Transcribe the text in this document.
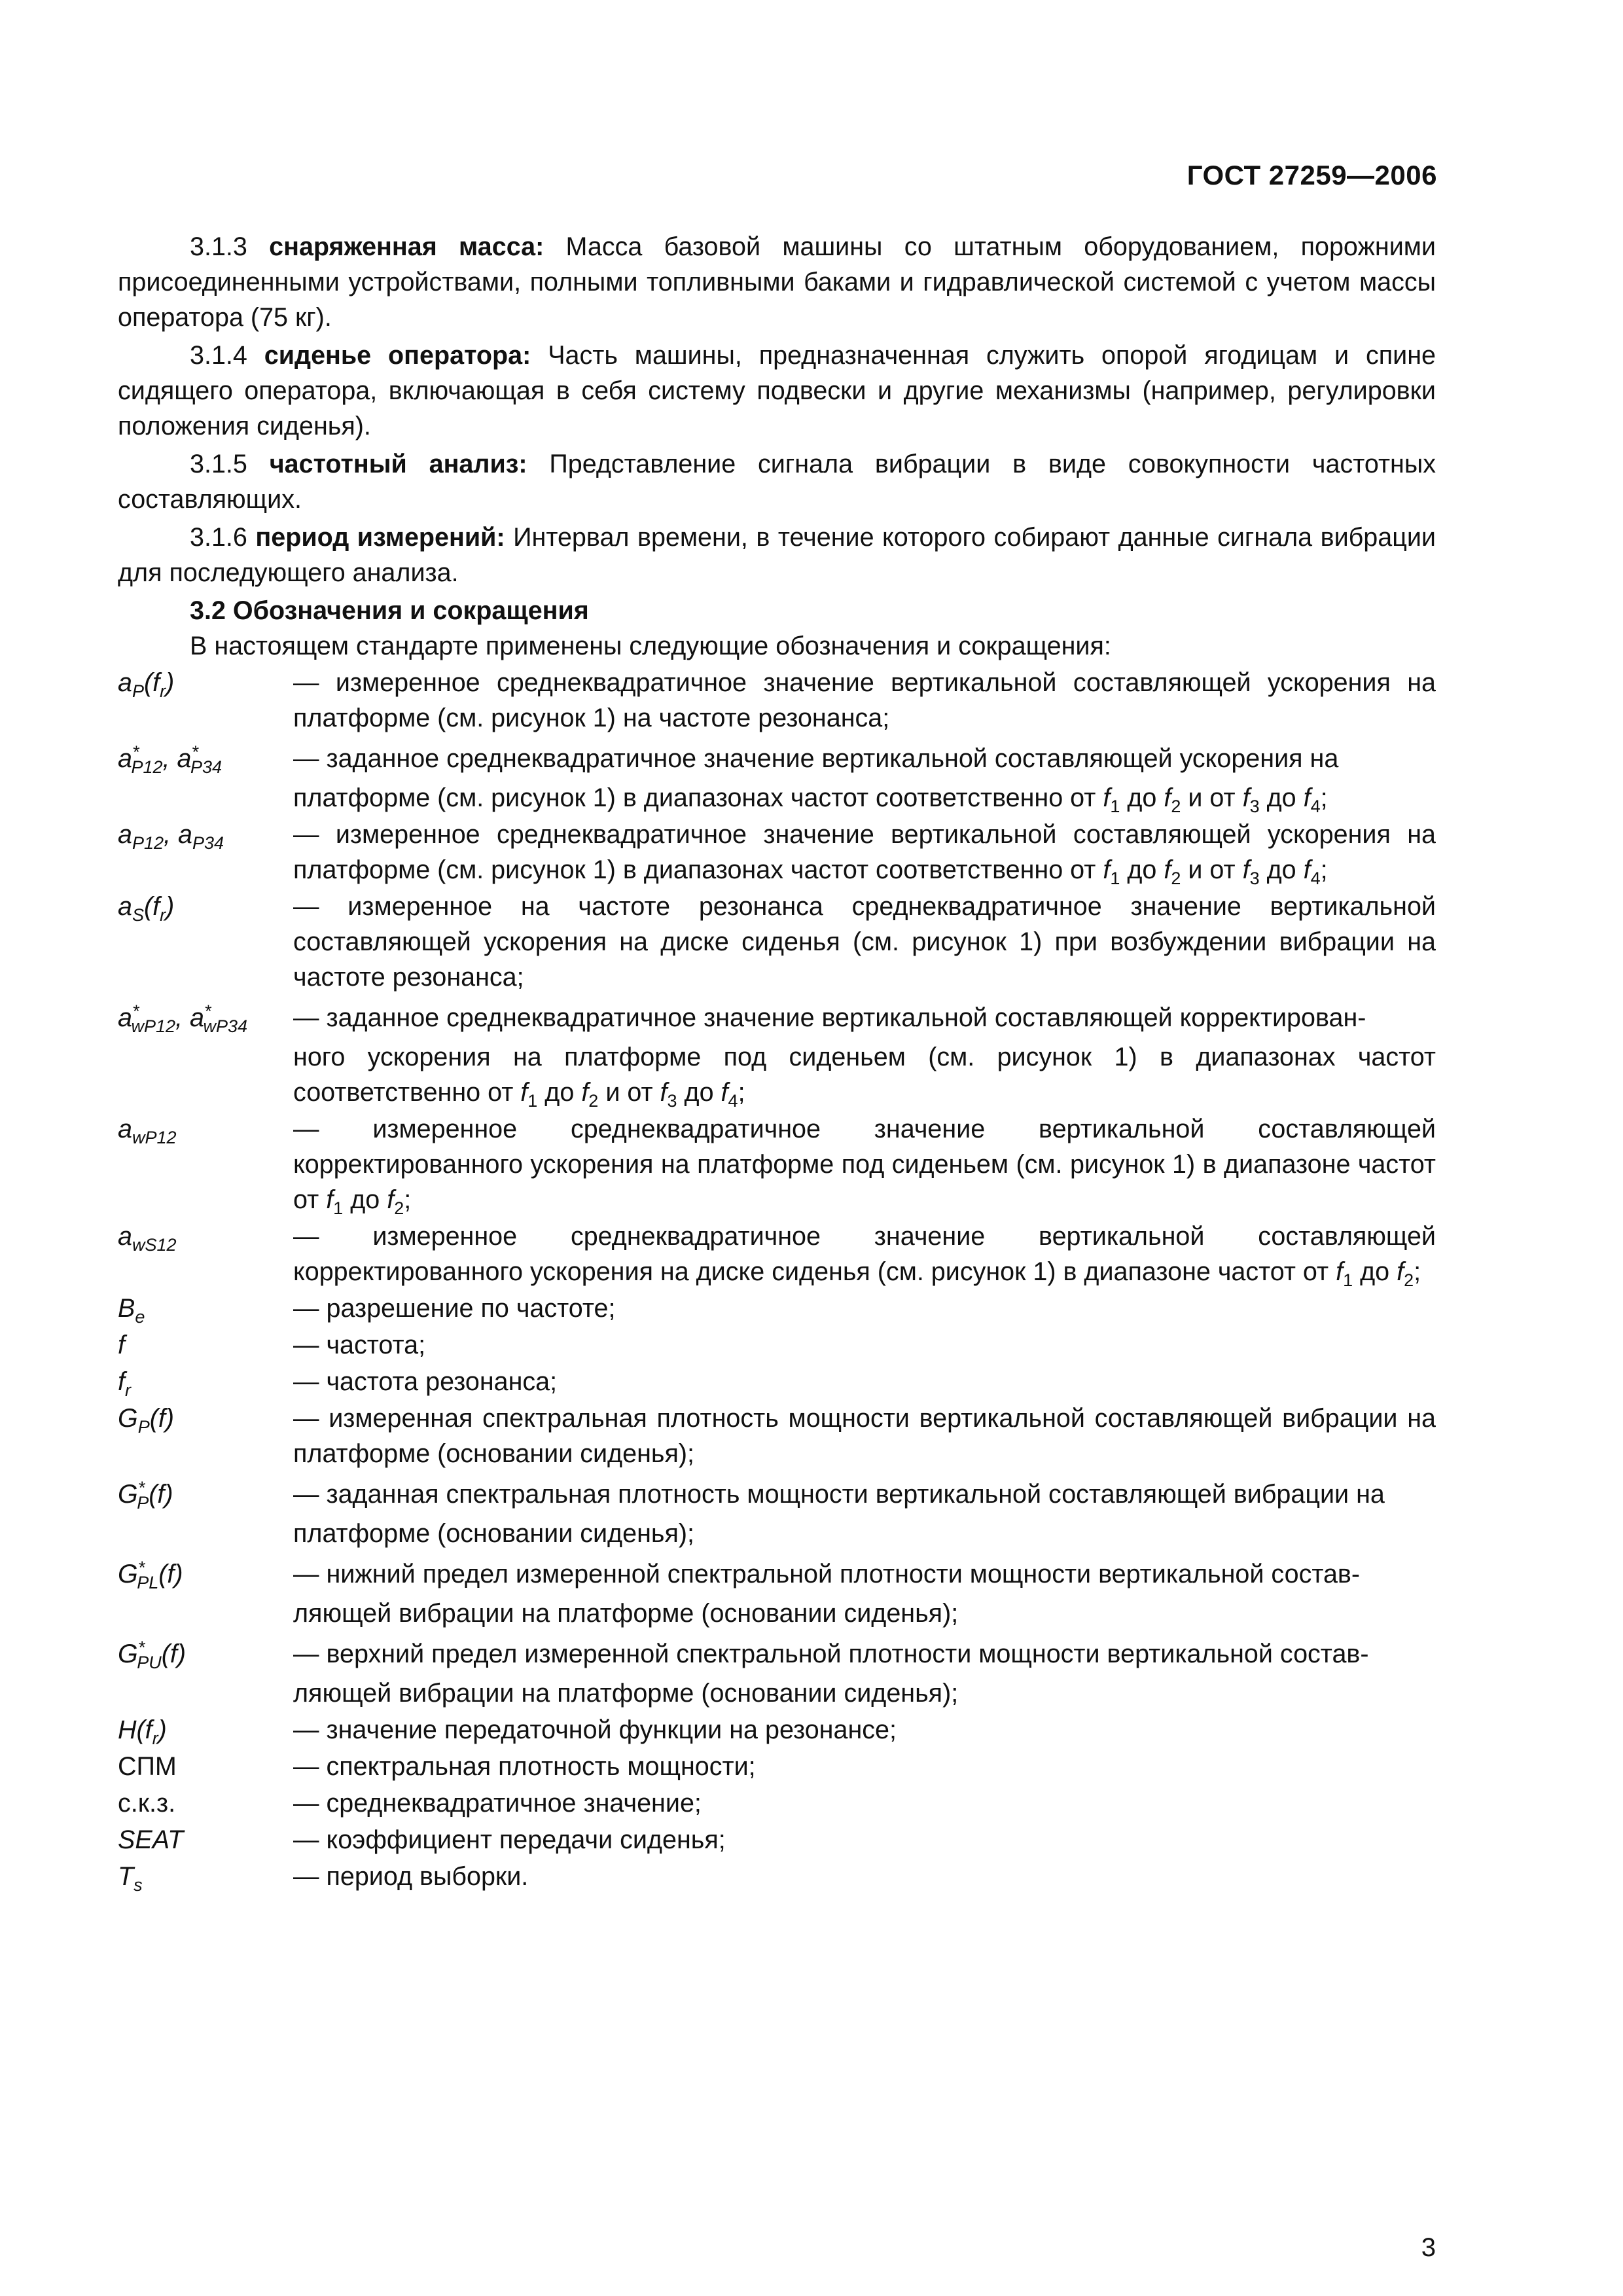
ГОСТ 27259—2006

3.1.3 снаряженная масса: Масса базовой машины со штатным оборудованием, порожними присоединенными устройствами, полными топливными баками и гидравлической системой с учетом массы оператора (75 кг).

3.1.4 сиденье оператора: Часть машины, предназначенная служить опорой ягодицам и спине сидящего оператора, включающая в себя систему подвески и другие механизмы (например, регулировки положения сиденья).

3.1.5 частотный анализ: Представление сигнала вибрации в виде совокупности частотных составляющих.

3.1.6 период измерений: Интервал времени, в течение которого собирают данные сигнала вибрации для последующего анализа.

3.2 Обозначения и сокращения
В настоящем стандарте применены следующие обозначения и сокращения:
$a_P(f_r)$	— измеренное среднеквадратичное значение вертикальной составляющей ускорения на платформе (см. рисунок 1) на частоте резонанса;
$a^*_{P12}$, $a^*_{P34}$	— заданное среднеквадратичное значение вертикальной составляющей ускорения на
платформе (см. рисунок 1) в диапазонах частот соответственно от $f_1$ до $f_2$ и от $f_3$ до $f_4$;
$a_{P12}$, $a_{P34}$	— измеренное среднеквадратичное значение вертикальной составляющей ускорения на платформе (см. рисунок 1) в диапазонах частот соответственно от $f_1$ до $f_2$ и от $f_3$ до $f_4$;
$a_S(f_r)$	— измеренное на частоте резонанса среднеквадратичное значение вертикальной составляющей ускорения на диске сиденья (см. рисунок 1) при возбуждении вибрации на частоте резонанса;
$a^*_{wP12}$, $a^*_{wP34}$	— заданное среднеквадратичное значение вертикальной составляющей корректирован-
ного ускорения на платформе под сиденьем (см. рисунок 1) в диапазонах частот соответственно от $f_1$ до $f_2$ и от $f_3$ до $f_4$;
$a_{wP12}$	— измеренное среднеквадратичное значение вертикальной составляющей корректированного ускорения на платформе под сиденьем (см. рисунок 1) в диапазоне частот от $f_1$ до $f_2$;
$a_{wS12}$	— измеренное среднеквадратичное значение вертикальной составляющей корректированного ускорения на диске сиденья (см. рисунок 1) в диапазоне частот от $f_1$ до $f_2$;
$B_e$	— разрешение по частоте;
f	— частота;
$f_r$	— частота резонанса;
$G_P(f)$	— измеренная спектральная плотность мощности вертикальной составляющей вибрации на платформе (основании сиденья);
$G^*_P(f)$	— заданная спектральная плотность мощности вертикальной составляющей вибрации на
платформе (основании сиденья);
$G^*_{PL}(f)$	— нижний предел измеренной спектральной плотности мощности вертикальной состав-
ляющей вибрации на платформе (основании сиденья);
$G^*_{PU}(f)$	— верхний предел измеренной спектральной плотности мощности вертикальной состав-
ляющей вибрации на платформе (основании сиденья);
$H(f_r)$	— значение передаточной функции на резонансе;
СПМ	— спектральная плотность мощности;
с.к.з.	— среднеквадратичное значение;
SEAT	— коэффициент передачи сиденья;
$T_s$	— период выборки.
3
